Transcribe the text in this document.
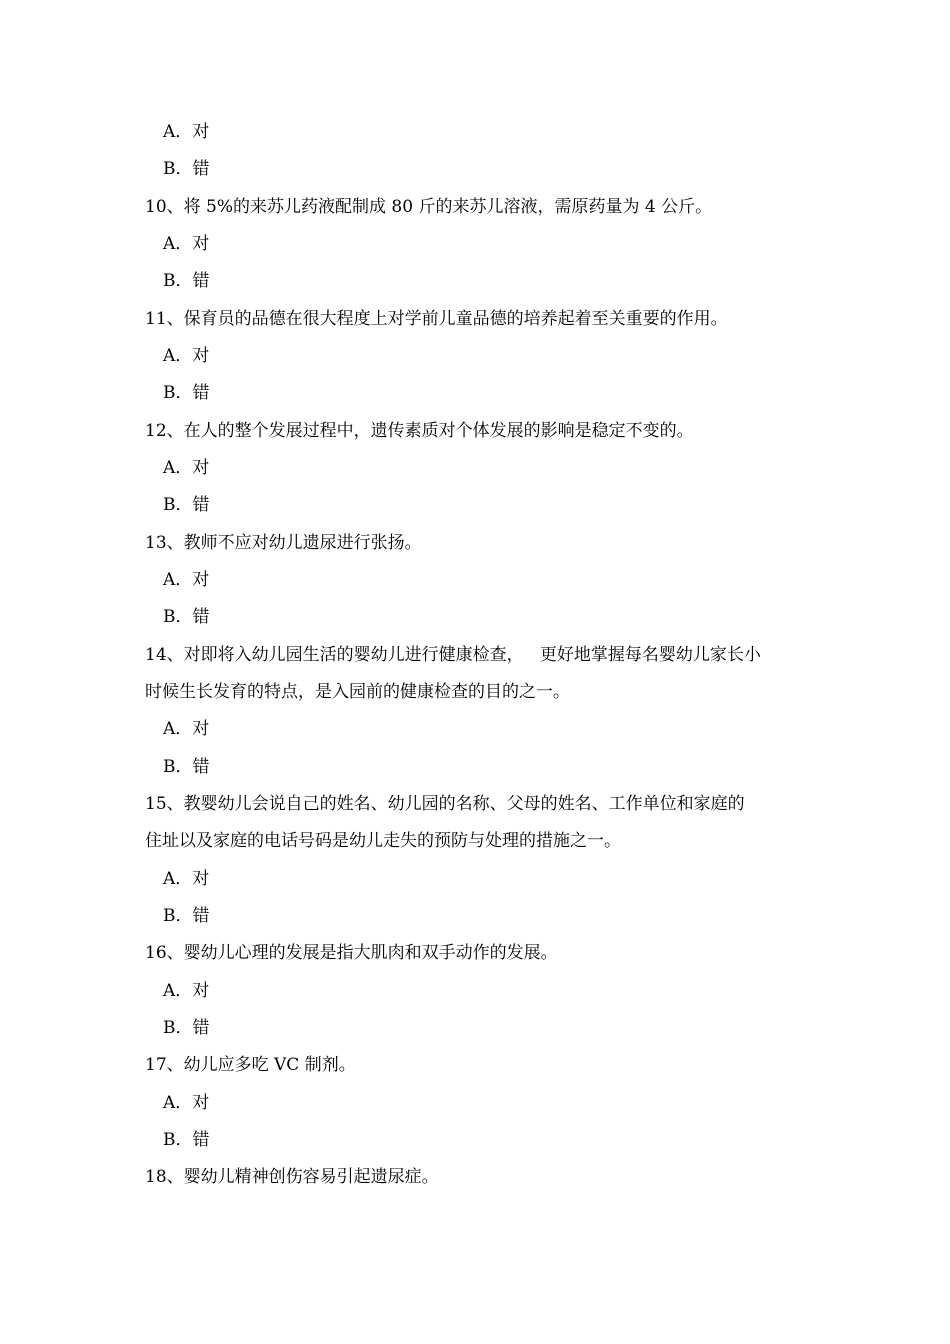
A．对
B．错
10、将 5%的来苏儿药液配制成 80 斤的来苏儿溶液，需原药量为 4 公斤。
A．对
B．错
11、保育员的品德在很大程度上对学前儿童品德的培养起着至关重要的作用。
A．对
B．错
12、在人的整个发展过程中，遗传素质对个体发展的影响是稳定不变的。
A．对
B．错
13、教师不应对幼儿遗尿进行张扬。
A．对
B．错
14、对即将入幼儿园生活的婴幼儿进行健康检查，   更好地掌握每名婴幼儿家长小
时候生长发育的特点，是入园前的健康检查的目的之一。
A．对
B．错
15、教婴幼儿会说自己的姓名、幼儿园的名称、父母的姓名、工作单位和家庭的
住址以及家庭的电话号码是幼儿走失的预防与处理的措施之一。
A．对
B．错
16、婴幼儿心理的发展是指大肌肉和双手动作的发展。
A．对
B．错
17、幼儿应多吃 VC 制剂。
A．对
B．错
18、婴幼儿精神创伤容易引起遗尿症。
